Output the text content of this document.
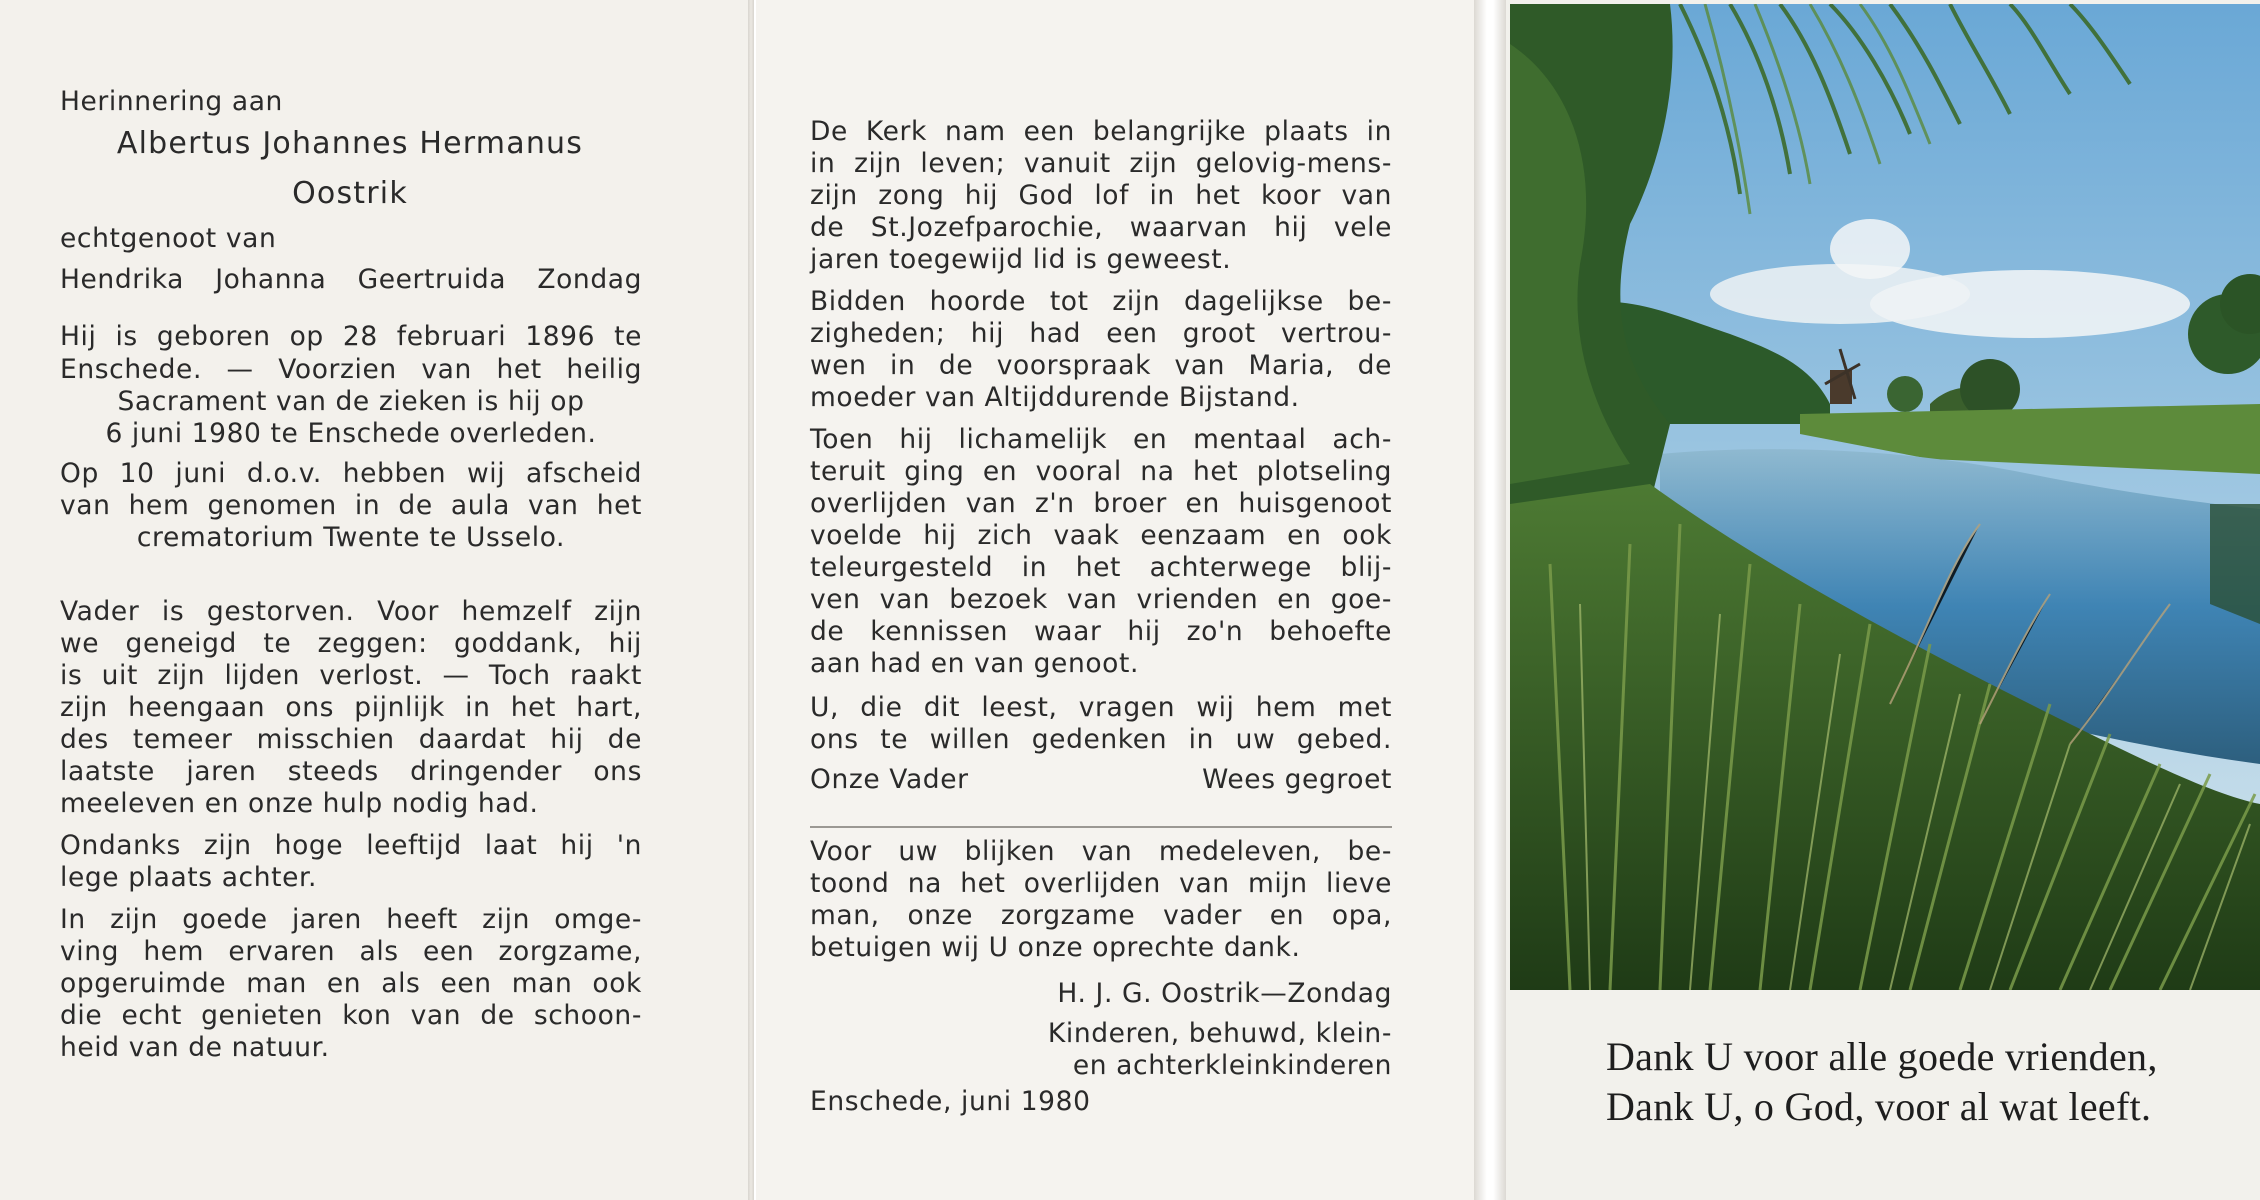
Herinnering aan
Albertus Johannes Hermanus
Oostrik
echtgenoot van
Hendrika Johanna Geertruida Zondag
Hij is geboren op 28 februari 1896 te
Enschede. — Voorzien van het heilig
Sacrament van de zieken is hij op
6 juni 1980 te Enschede overleden.
Op 10 juni d.o.v. hebben wij afscheid
van hem genomen in de aula van het
crematorium Twente te Usselo.
Vader is gestorven. Voor hemzelf zijn
we geneigd te zeggen: goddank, hij
is uit zijn lijden verlost. — Toch raakt
zijn heengaan ons pijnlijk in het hart,
des temeer misschien daardat hij de
laatste jaren steeds dringender ons
meeleven en onze hulp nodig had.
Ondanks zijn hoge leeftijd laat hij 'n
lege plaats achter.
In zijn goede jaren heeft zijn omge-
ving hem ervaren als een zorgzame,
opgeruimde man en als een man ook
die echt genieten kon van de schoon-
heid van de natuur.
De Kerk nam een belangrijke plaats in
in zijn leven; vanuit zijn gelovig-mens-
zijn zong hij God lof in het koor van
de St.Jozefparochie, waarvan hij vele
jaren toegewijd lid is geweest.
Bidden hoorde tot zijn dagelijkse be-
zigheden; hij had een groot vertrou-
wen in de voorspraak van Maria, de
moeder van Altijddurende Bijstand.
Toen hij lichamelijk en mentaal ach-
teruit ging en vooral na het plotseling
overlijden van z'n broer en huisgenoot
voelde hij zich vaak eenzaam en ook
teleurgesteld in het achterwege blij-
ven van bezoek van vrienden en goe-
de kennissen waar hij zo'n behoefte
aan had en van genoot.
U, die dit leest, vragen wij hem met
ons te willen gedenken in uw gebed.
Onze Vader	Wees gegroet
Voor uw blijken van medeleven, be-
toond na het overlijden van mijn lieve
man, onze zorgzame vader en opa,
betuigen wij U onze oprechte dank.
H. J. G. Oostrik—Zondag
Kinderen, behuwd, klein-
en achterkleinkinderen
Enschede, juni 1980
Dank U voor alle goede vrienden,
Dank U, o God, voor al wat leeft.
